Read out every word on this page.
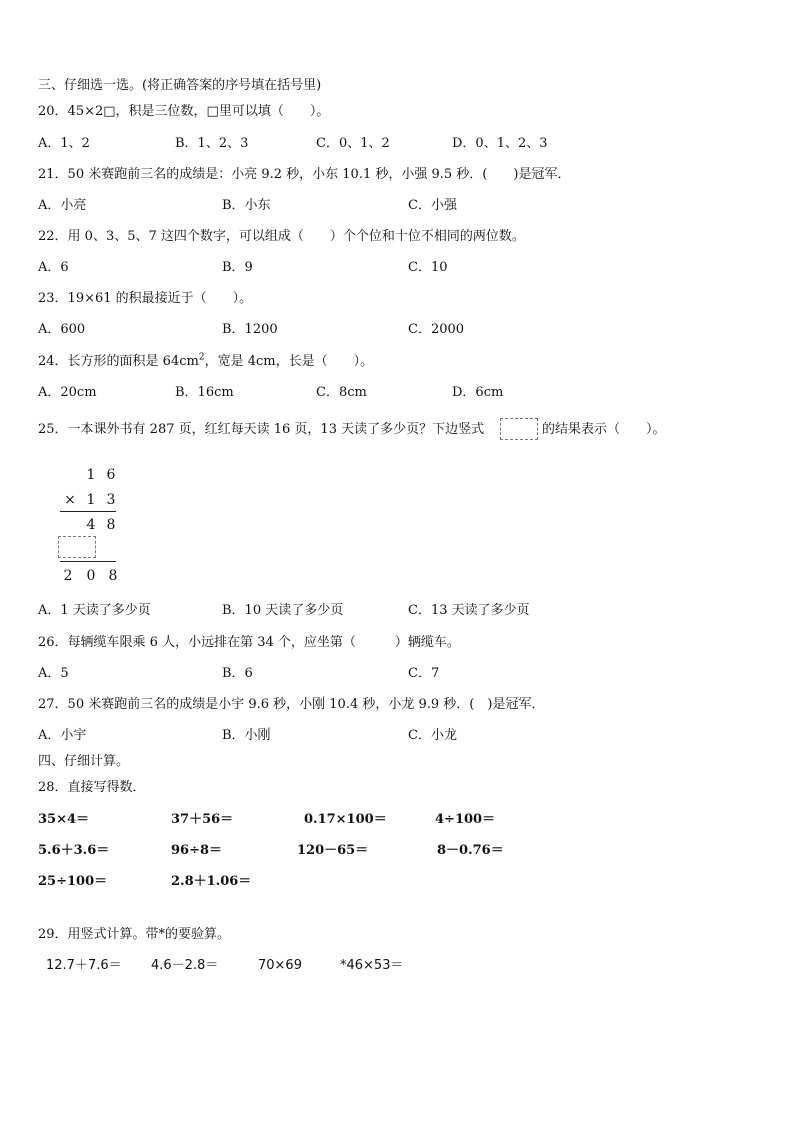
三、仔细选一选。(将正确答案的序号填在括号里)
20．45×2□，积是三位数，□里可以填（　　）。
A．1、2	B．1、2、3	C．0、1、2	D．0、1、2、3
21．50 米赛跑前三名的成绩是：小亮 9.2 秒，小东 10.1 秒，小强 9.5 秒．(　　)是冠军．
A．小亮	B．小东	C．小强
22．用 0、3、5、7 这四个数字，可以组成（　　）个个位和十位不相同的两位数。
A．6	B．9	C．10
23．19×61 的积最接近于（　　）。
A．600	B．1200	C．2000
24．长方形的面积是 $64cm^2$，宽是 4cm，长是（　　）。
A．20cm	B．16cm	C．8cm	D．6cm
25．一本课外书有 287 页，红红每天读 16 页，13 天读了多少页？下边竖式	的结果表示（　　）。
1 6
× 1 3
4 8
2 0 8
A．1 天读了多少页	B．10 天读了多少页	C．13 天读了多少页
26．每辆缆车限乘 6 人，小远排在第 34 个，应坐第（　　　）辆缆车。
A．5	B．6	C．7
27．50 米赛跑前三名的成绩是小宇 9.6 秒，小刚 10.4 秒，小龙 9.9 秒．(　)是冠军．
A．小宇	B．小刚	C．小龙
四、仔细计算。
28．直接写得数．
35×4＝	37＋56＝	0.17×100＝	4÷100＝
5.6＋3.6＝	96÷8＝	120－65＝	8－0.76＝
25÷100＝	2.8＋1.06＝
29．用竖式计算。带*的要验算。
12.7＋7.6＝ 4.6－2.8＝	70×69	*46×53＝
